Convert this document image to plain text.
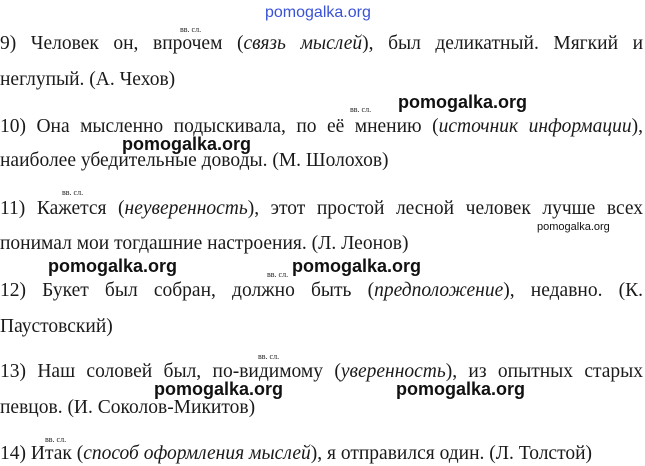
pomogalka.org
вв. сл.
9) Человек он, впрочем (связь мыслей), был деликатный. Мягкий и
неглупый. (А. Чехов)
вв. сл. pomogalka.org
10) Она мысленно подыскивала, по её мнению (источник информации),
pomogalka.org
наиболее убедительные доводы. (М. Шолохов)
вв. сл.
11) Кажется (неуверенность), этот простой лесной человек лучше всех
pomogalka.org
понимал мои тогдашние настроения. (Л. Леонов)
pomogalka.org	вв. сл. pomogalka.org
12) Букет был собран, должно быть (предположение), недавно. (К.
Паустовский)
вв. сл.
13) Наш соловей был, по-видимому (уверенность), из опытных старых
pomogalka.org	pomogalka.org
певцов. (И. Соколов-Микитов)
вв. сл.
14) Итак (способ оформления мыслей), я отправился один. (Л. Толстой)
